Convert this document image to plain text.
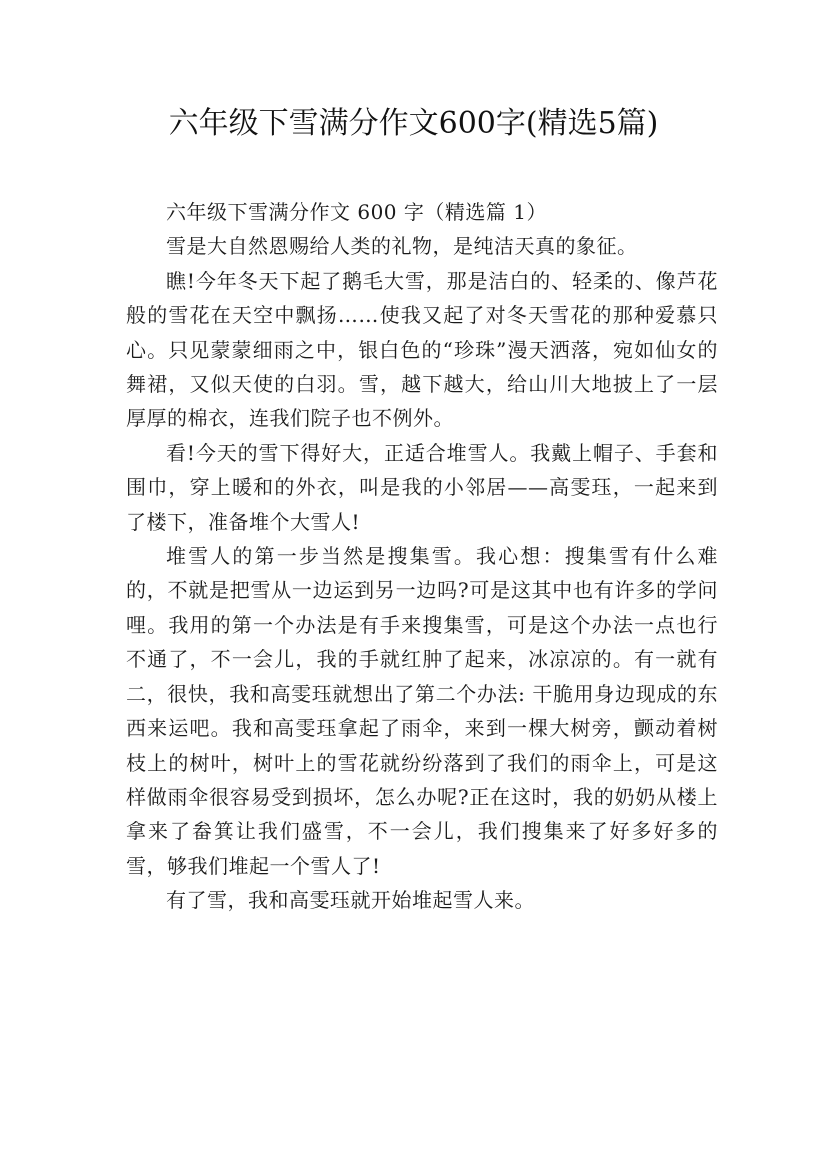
六年级下雪满分作文600字(精选5篇)

六年级下雪满分作文 600 字（精选篇 1）

雪是大自然恩赐给人类的礼物，是纯洁天真的象征。

瞧!今年冬天下起了鹅毛大雪，那是洁白的、轻柔的、像芦花般的雪花在天空中飘扬……使我又起了对冬天雪花的那种爱慕只心。只见蒙蒙细雨之中，银白色的“珍珠”漫天洒落，宛如仙女的舞裙，又似天使的白羽。雪，越下越大，给山川大地披上了一层厚厚的棉衣，连我们院子也不例外。

看!今天的雪下得好大，正适合堆雪人。我戴上帽子、手套和围巾，穿上暖和的外衣，叫是我的小邻居——高雯珏，一起来到了楼下，准备堆个大雪人!

堆雪人的第一步当然是搜集雪。我心想：搜集雪有什么难的，不就是把雪从一边运到另一边吗?可是这其中也有许多的学问哩。我用的第一个办法是有手来搜集雪，可是这个办法一点也行不通了，不一会儿，我的手就红肿了起来，冰凉凉的。有一就有二，很快，我和高雯珏就想出了第二个办法: 干脆用身边现成的东西来运吧。我和高雯珏拿起了雨伞，来到一棵大树旁，颤动着树枝上的树叶，树叶上的雪花就纷纷落到了我们的雨伞上，可是这样做雨伞很容易受到损坏，怎么办呢?正在这时，我的奶奶从楼上拿来了畚箕让我们盛雪，不一会儿，我们搜集来了好多好多的雪，够我们堆起一个雪人了!

有了雪，我和高雯珏就开始堆起雪人来。
